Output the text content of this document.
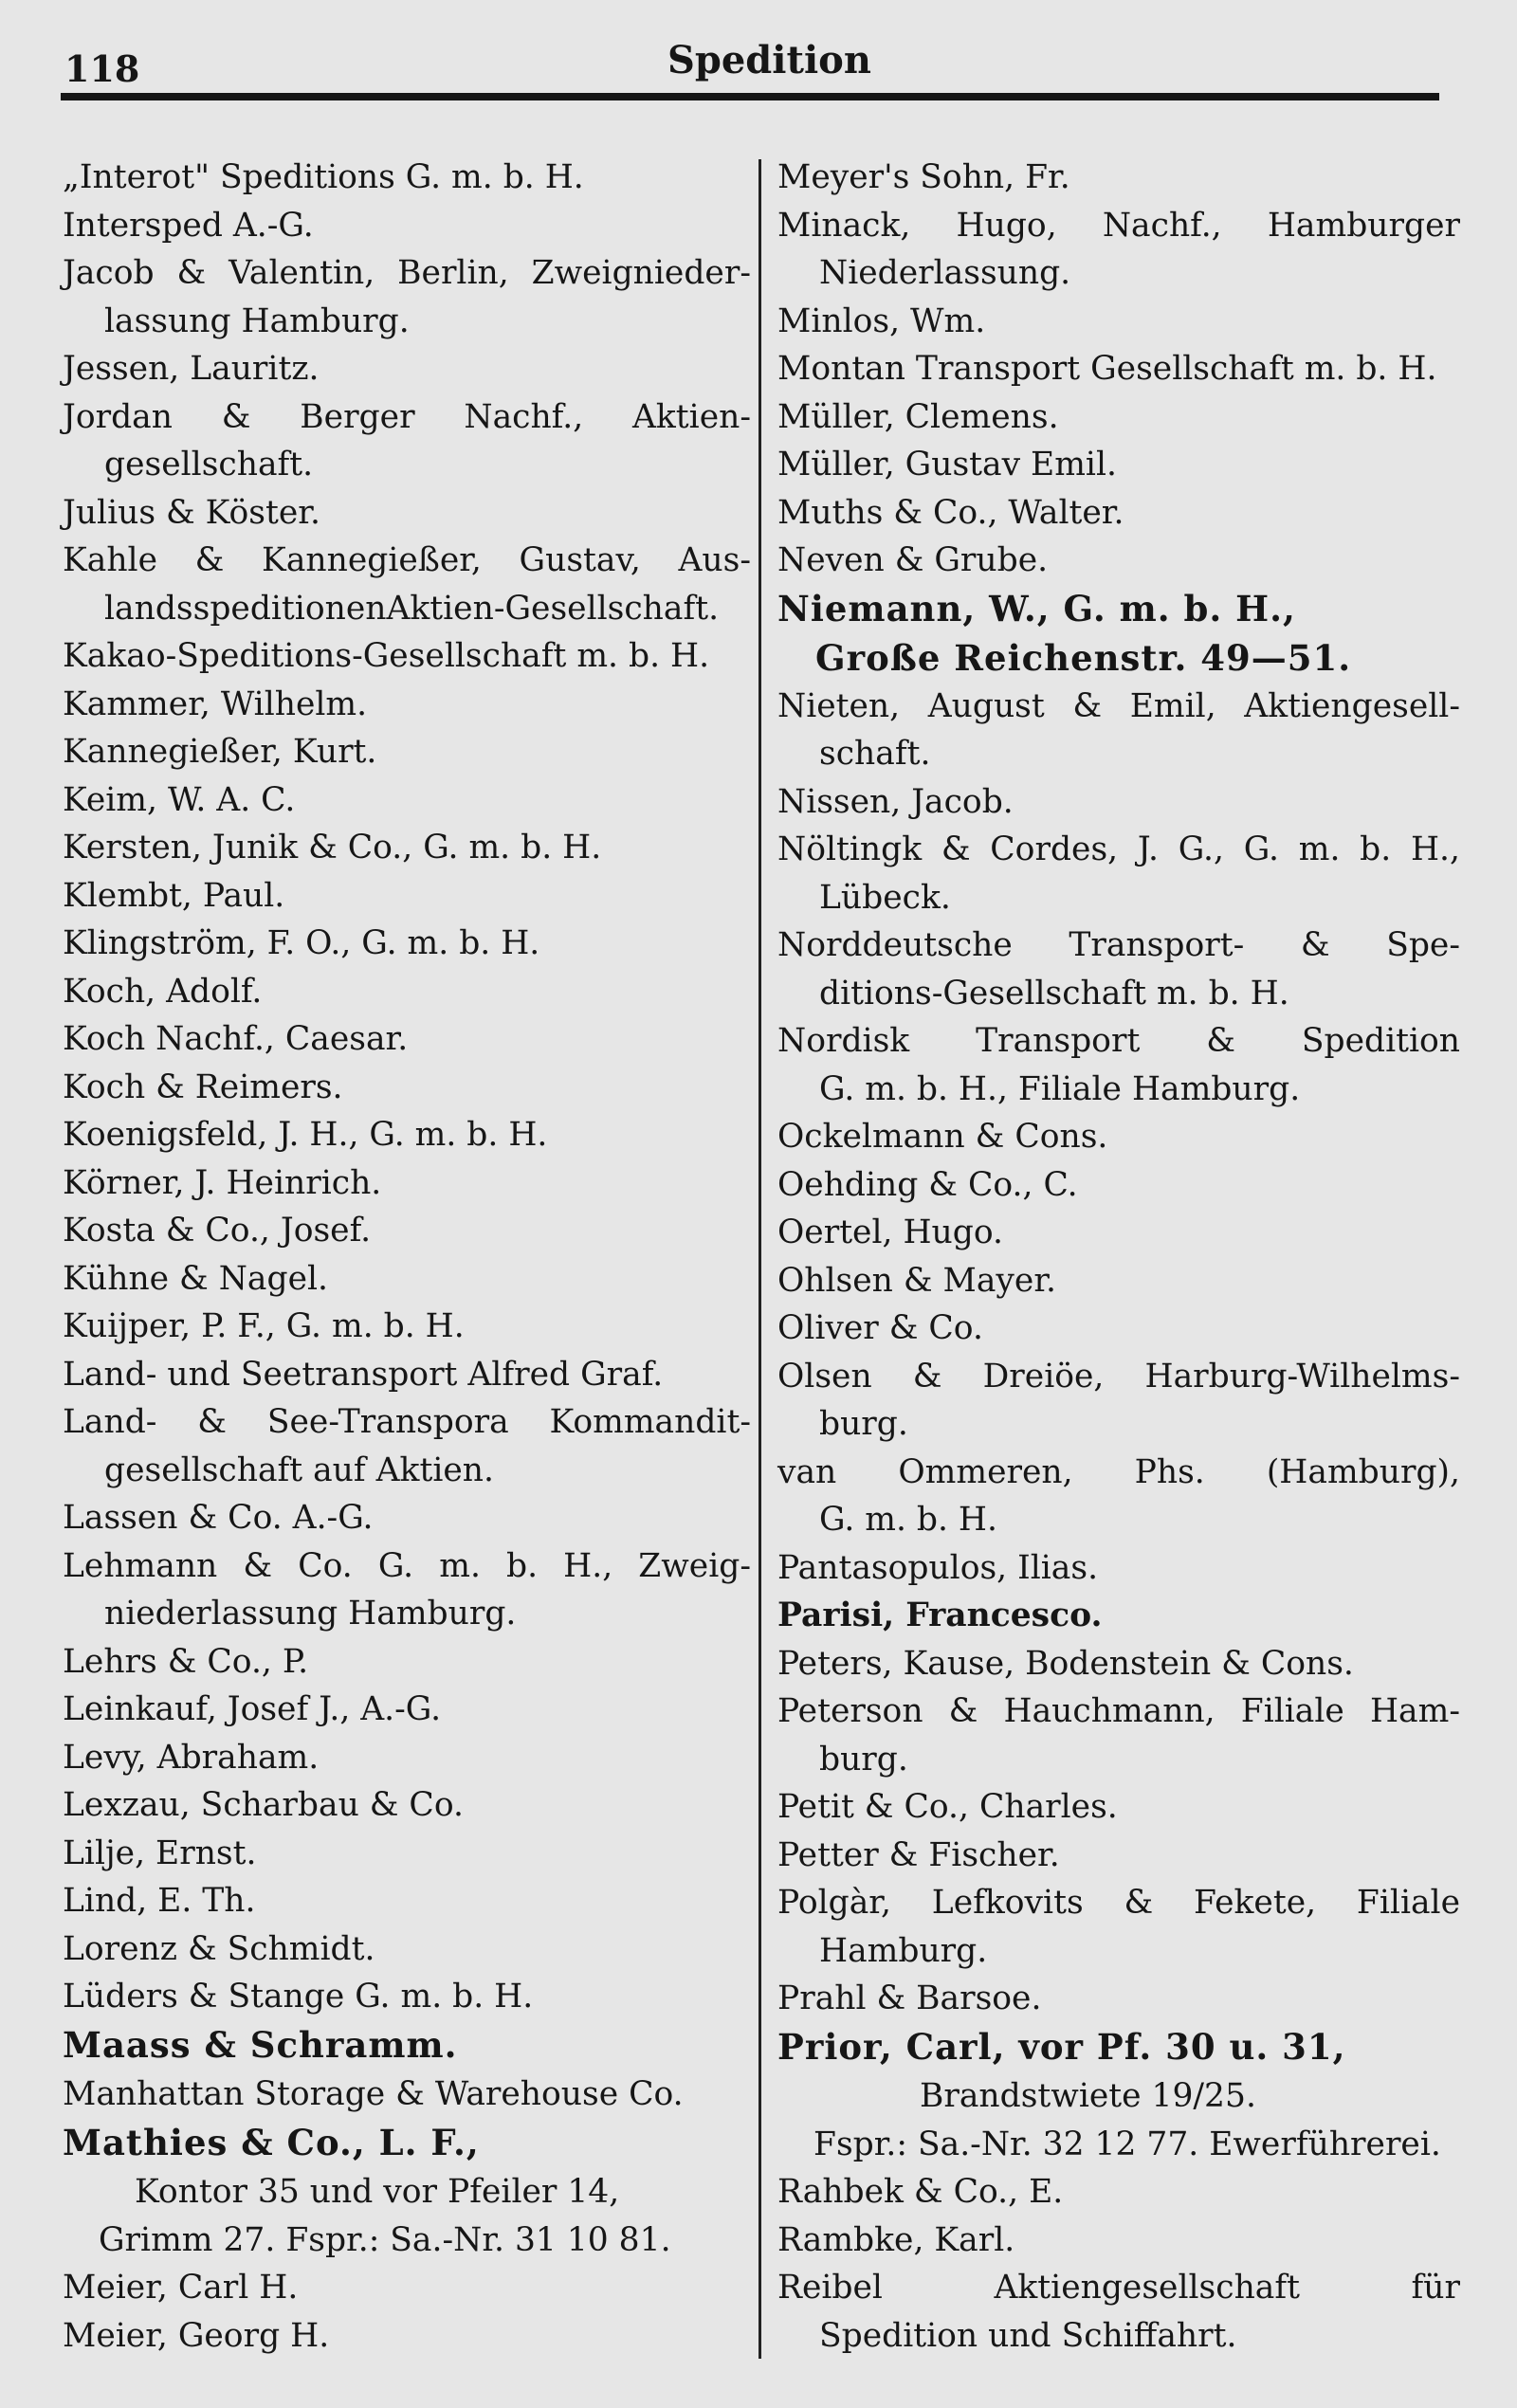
118	Spedition
„Interot" Speditions G. m. b. H.
Intersped A.-G.
Jacob & Valentin, Berlin, Zweignieder-
lassung Hamburg.
Jessen, Lauritz.
Jordan & Berger Nachf., Aktien-
gesellschaft.
Julius & Köster.
Kahle & Kannegießer, Gustav, Aus-
landsspeditionenAktien-Gesellschaft.
Kakao-Speditions-Gesellschaft m. b. H.
Kammer, Wilhelm.
Kannegießer, Kurt.
Keim, W. A. C.
Kersten, Junik & Co., G. m. b. H.
Klembt, Paul.
Klingström, F. O., G. m. b. H.
Koch, Adolf.
Koch Nachf., Caesar.
Koch & Reimers.
Koenigsfeld, J. H., G. m. b. H.
Körner, J. Heinrich.
Kosta & Co., Josef.
Kühne & Nagel.
Kuijper, P. F., G. m. b. H.
Land- und Seetransport Alfred Graf.
Land- & See-Transpora Kommandit-
gesellschaft auf Aktien.
Lassen & Co. A.-G.
Lehmann & Co. G. m. b. H., Zweig-
niederlassung Hamburg.
Lehrs & Co., P.
Leinkauf, Josef J., A.-G.
Levy, Abraham.
Lexzau, Scharbau & Co.
Lilje, Ernst.
Lind, E. Th.
Lorenz & Schmidt.
Lüders & Stange G. m. b. H.
Maass & Schramm.
Manhattan Storage & Warehouse Co.
Mathies & Co., L. F.,
Kontor 35 und vor Pfeiler 14,
Grimm 27. Fspr.: Sa.-Nr. 31 10 81.
Meier, Carl H.
Meier, Georg H.
Meyer's Sohn, Fr.
Minack, Hugo, Nachf., Hamburger
Niederlassung.
Minlos, Wm.
Montan Transport Gesellschaft m. b. H.
Müller, Clemens.
Müller, Gustav Emil.
Muths & Co., Walter.
Neven & Grube.
Niemann, W., G. m. b. H.,
Große Reichenstr. 49—51.
Nieten, August & Emil, Aktiengesell-
schaft.
Nissen, Jacob.
Nöltingk & Cordes, J. G., G. m. b. H.,
Lübeck.
Norddeutsche Transport- & Spe-
ditions-Gesellschaft m. b. H.
Nordisk Transport & Spedition
G. m. b. H., Filiale Hamburg.
Ockelmann & Cons.
Oehding & Co., C.
Oertel, Hugo.
Ohlsen & Mayer.
Oliver & Co.
Olsen & Dreiöe, Harburg-Wilhelms-
burg.
van Ommeren, Phs. (Hamburg),
G. m. b. H.
Pantasopulos, Ilias.
Parisi, Francesco.
Peters, Kause, Bodenstein & Cons.
Peterson & Hauchmann, Filiale Ham-
burg.
Petit & Co., Charles.
Petter & Fischer.
Polgàr, Lefkovits & Fekete, Filiale
Hamburg.
Prahl & Barsoe.
Prior, Carl, vor Pf. 30 u. 31,
Brandstwiete 19/25.
Fspr.: Sa.-Nr. 32 12 77. Ewerführerei.
Rahbek & Co., E.
Rambke, Karl.
Reibel Aktiengesellschaft für
Spedition und Schiffahrt.
